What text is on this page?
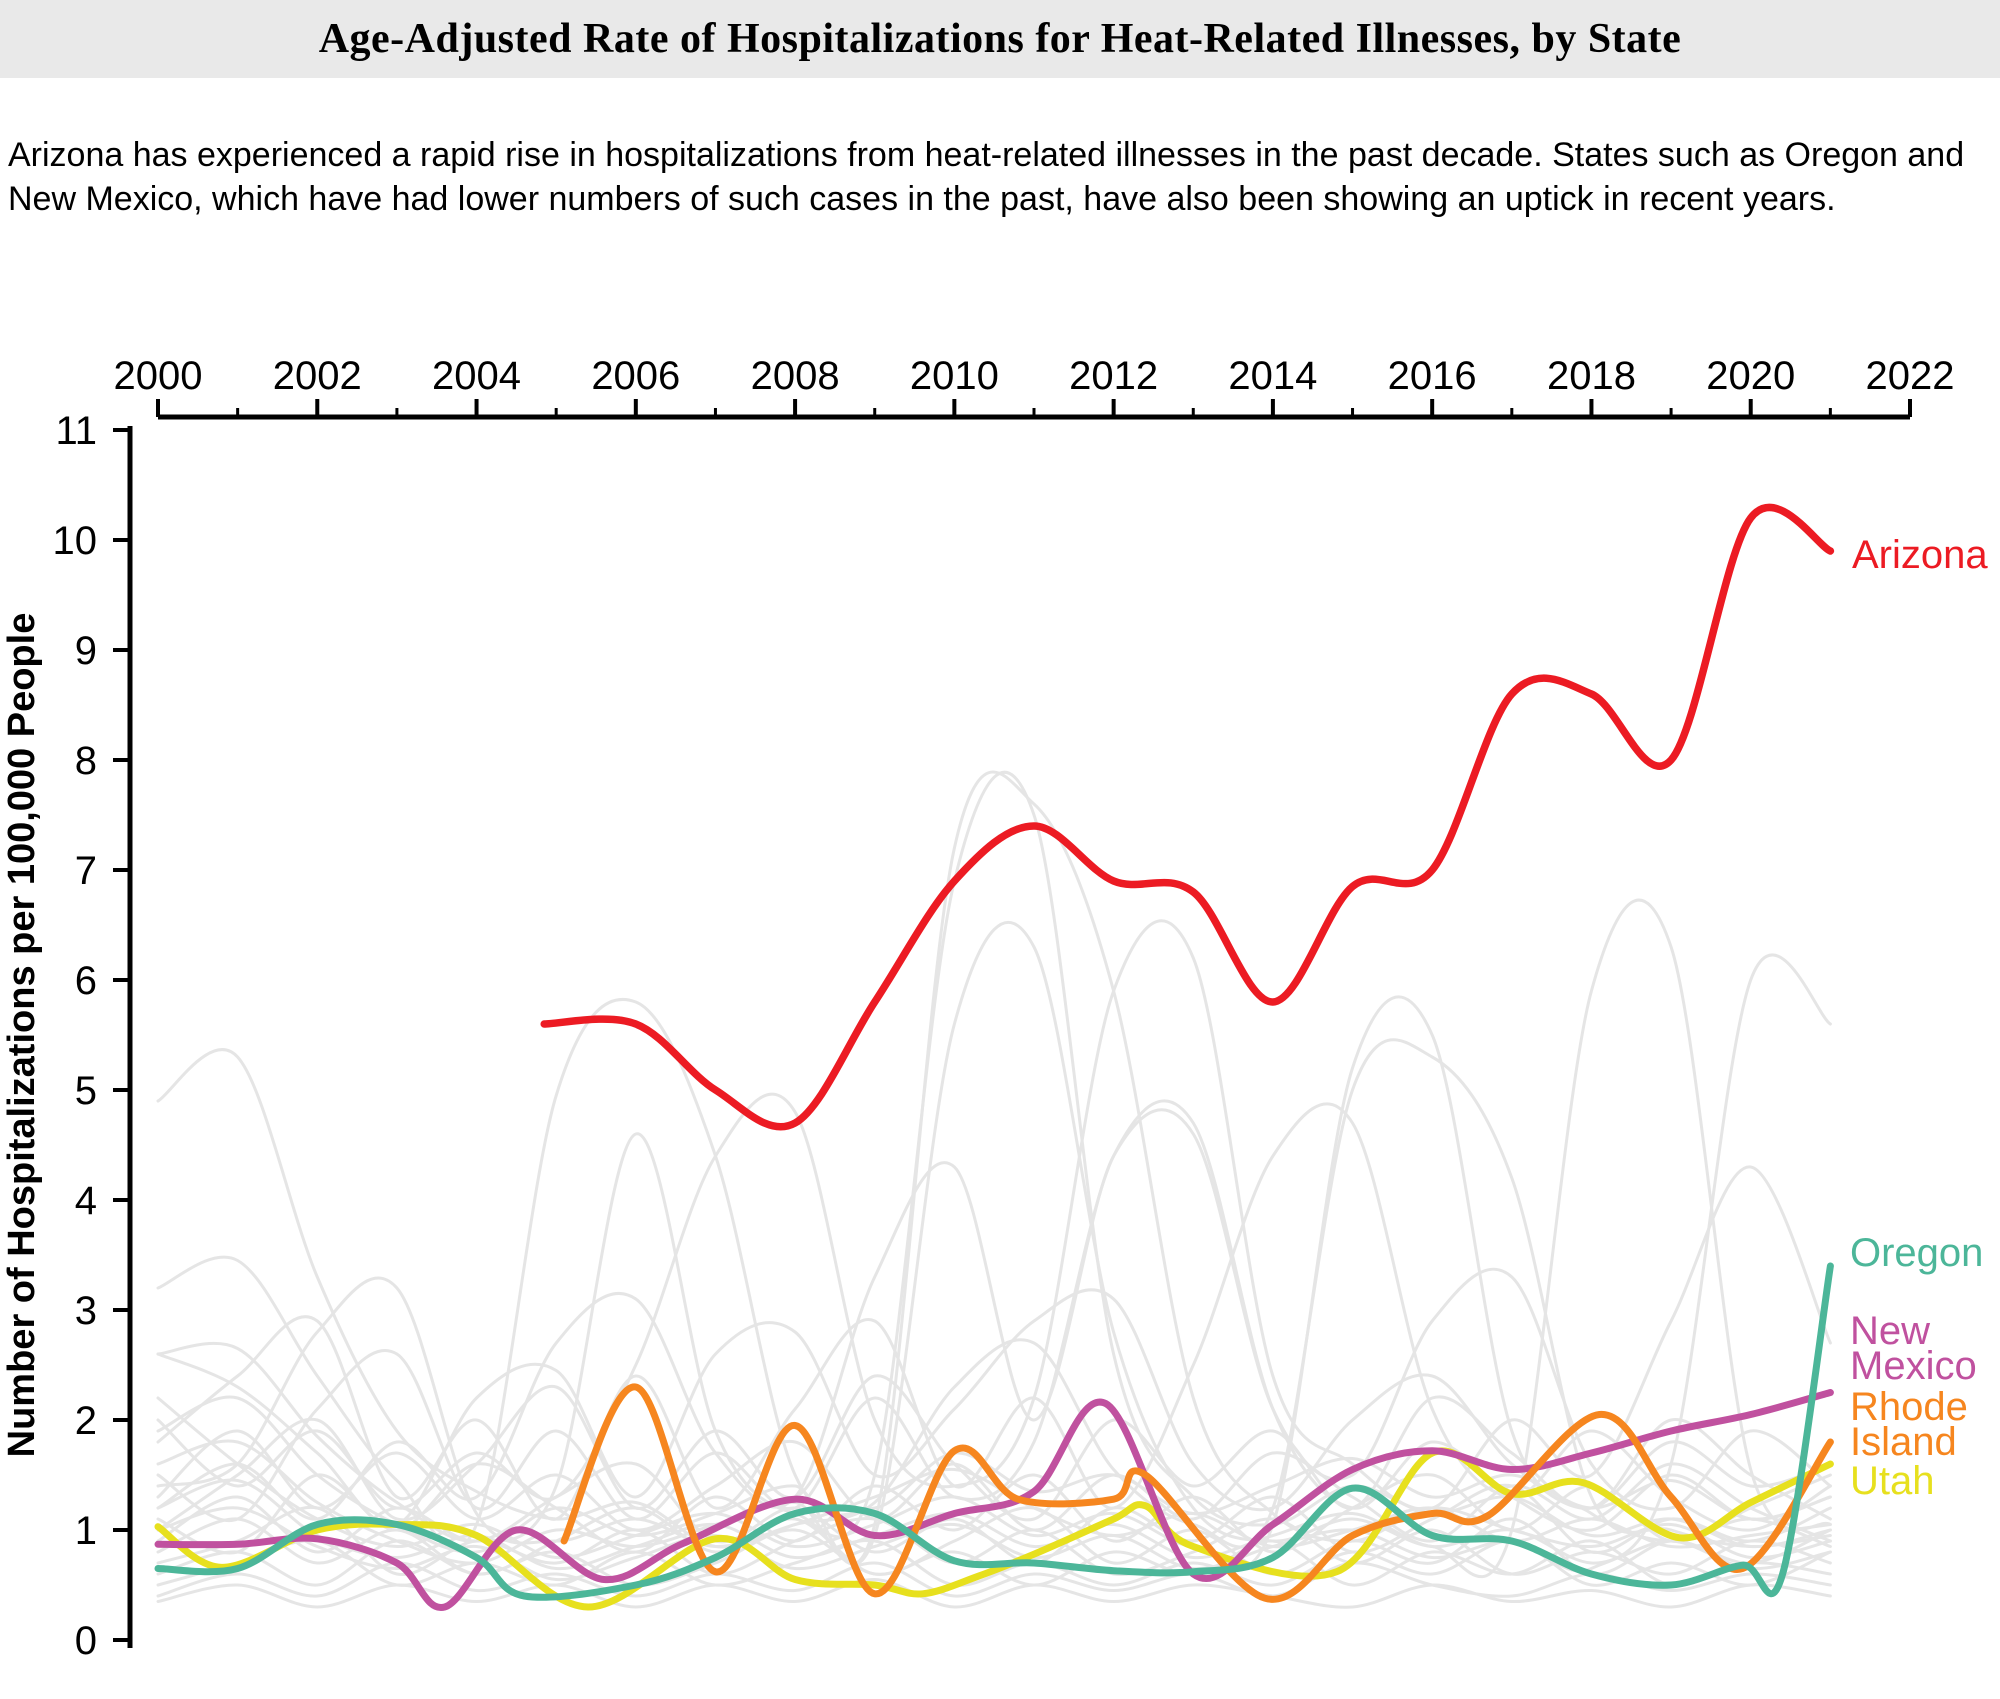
Age-Adjusted Rate of Hospitalizations for Heat-Related Illnesses, by State

Arizona has experienced a rapid rise in hospitalizations from heat-related illnesses in the past decade. States such as Oregon and New Mexico, which have had lower numbers of such cases in the past, have also been showing an uptick in recent years.

2000 2002 2004 2006 2008 2010 2012 2014 2016 2018 2020 2022
0
1
2
3
4
5
6
7
8
9
10
11
Number of Hospitalizations per 100,000 People
Arizona
Utah
New
Mexico
Rhode
Island
Oregon
